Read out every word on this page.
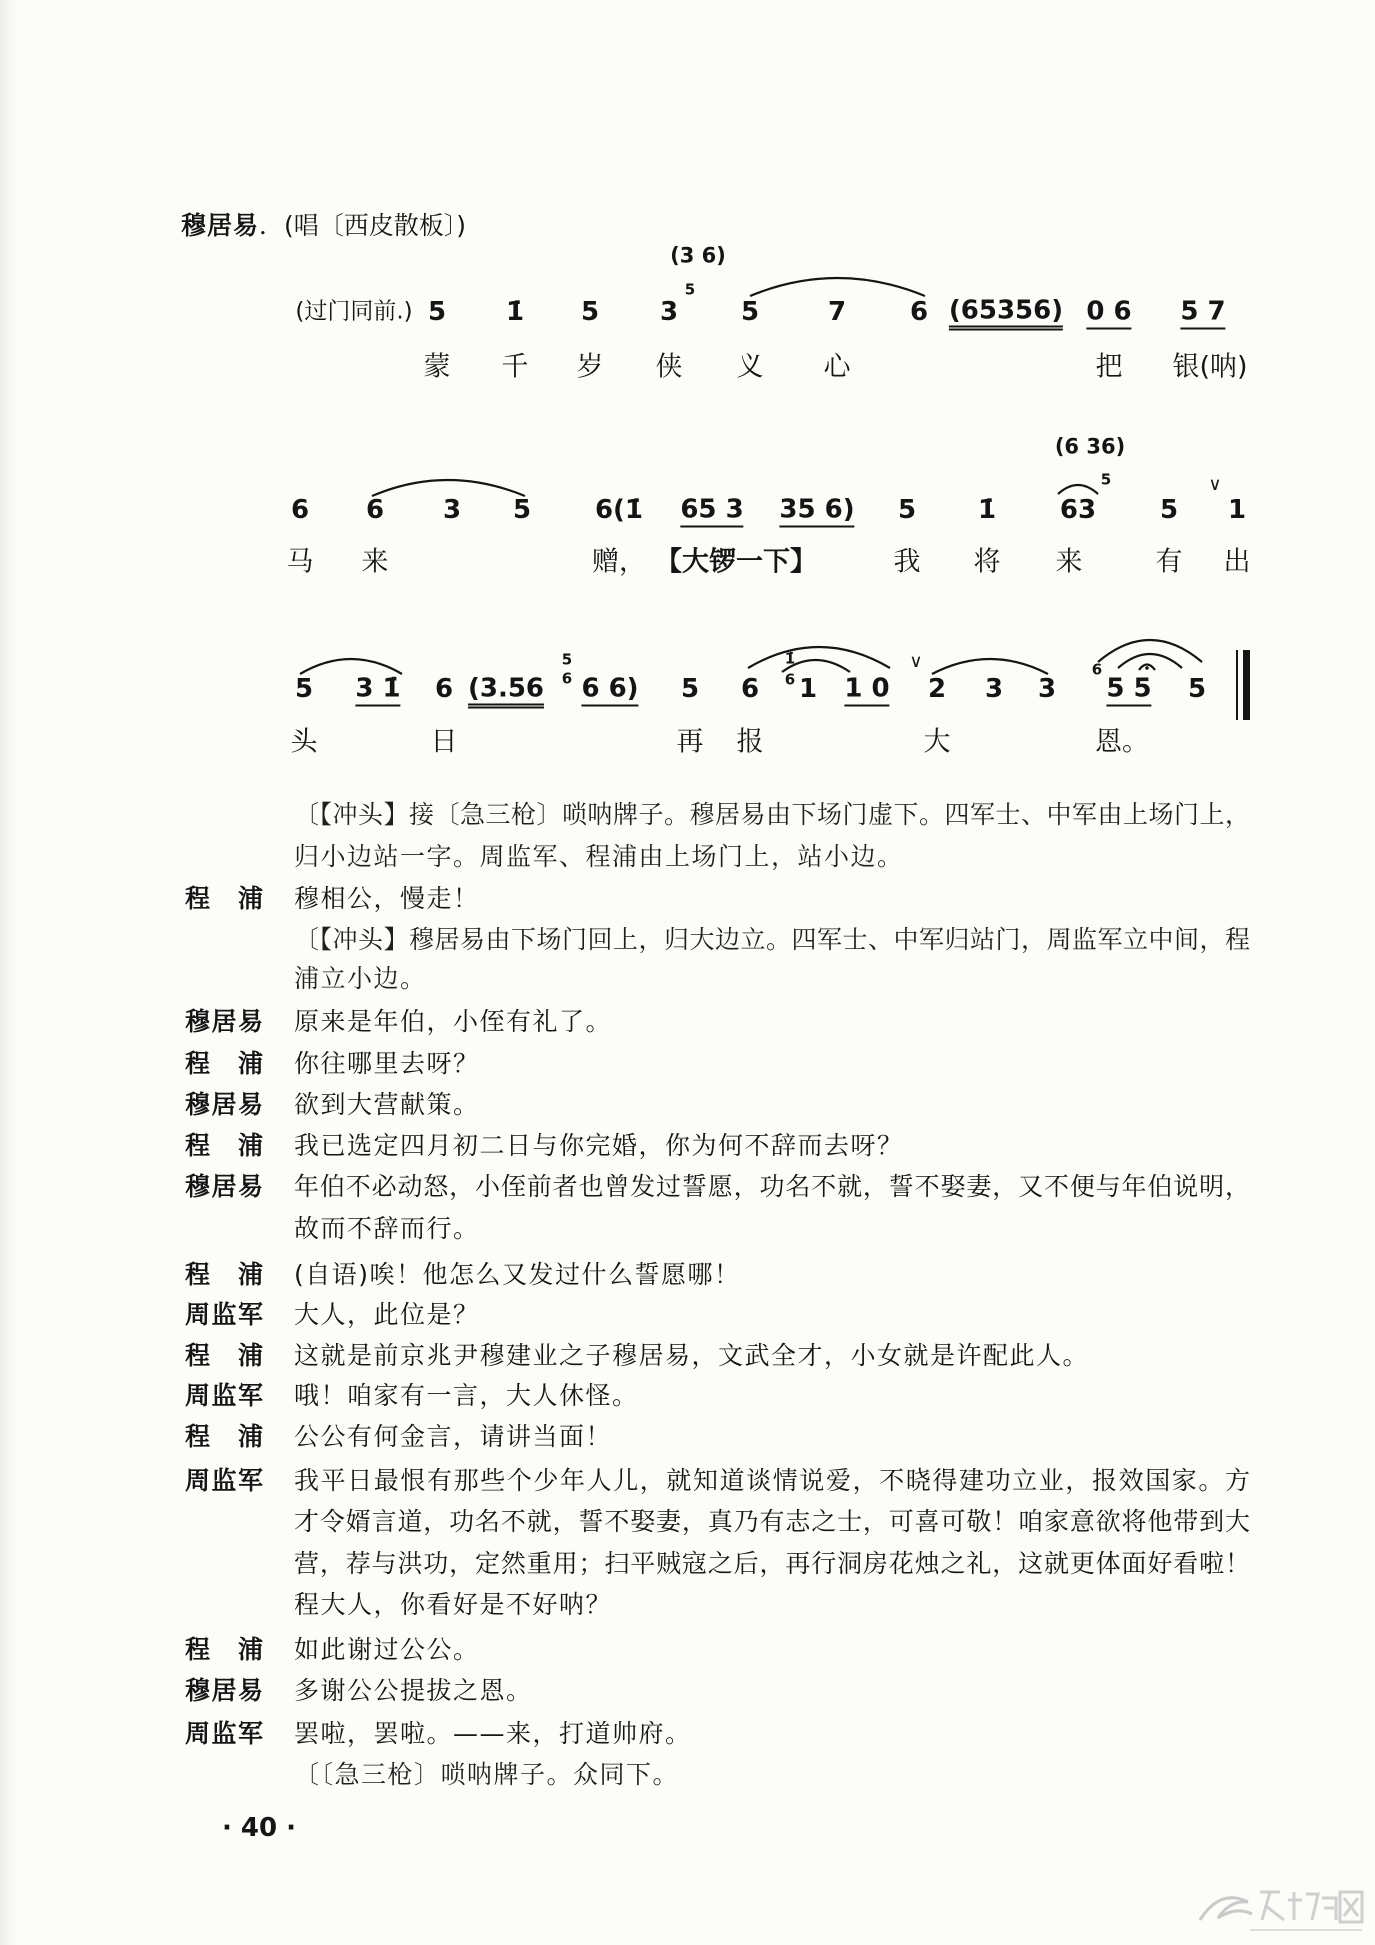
穆居易．(唱〔西皮散板〕)
(3 6)
(过门同前.) 5 1̇ 5 3
5
5	7 6 (65356) 0 6 5 7
蒙 千 岁 侠 义 心	把 银(呐)
(6 36)
6 6 3 5 6(1̇ 65 3 35 6) 5 1̇ 63
5
5
∨
1
马 来	赠， 【大锣一下】	我 将 来	有 出
5 3 1̇ 6 (3.56
5
6 6 6) 5 6
1̇
6 1 1 0
∨
2 3 3
6
5 5 5
头	日	再 报	大	恩。
〔【冲头】接〔急三枪〕唢呐牌子。穆居易由下场门虚下。四军士、中军由上场门上，
归小边站一字。周监军、程浦由上场门上，站小边。
程 浦 穆相公，慢走！
〔【冲头】穆居易由下场门回上，归大边立。四军士、中军归站门，周监军立中间，程
浦立小边。
穆居易 原来是年伯，小侄有礼了。
程 浦 你往哪里去呀？
穆居易 欲到大营献策。
程 浦 我已选定四月初二日与你完婚，你为何不辞而去呀？
穆居易 年伯不必动怒，小侄前者也曾发过誓愿，功名不就，誓不娶妻，又不便与年伯说明，
故而不辞而行。
程 浦 (自语)唉！他怎么又发过什么誓愿哪！
周监军 大人，此位是？
程 浦 这就是前京兆尹穆建业之子穆居易，文武全才，小女就是许配此人。
周监军 哦！咱家有一言，大人休怪。
程 浦 公公有何金言，请讲当面！
周监军 我平日最恨有那些个少年人儿，就知道谈情说爱，不晓得建功立业，报效国家。方
才令婿言道，功名不就，誓不娶妻，真乃有志之士，可喜可敬！咱家意欲将他带到大
营，荐与洪功，定然重用；扫平贼寇之后，再行洞房花烛之礼，这就更体面好看啦！
程大人，你看好是不好呐？
程 浦 如此谢过公公。
穆居易 多谢公公提拔之恩。
周监军 罢啦，罢啦。——来，打道帅府。
〔〔急三枪〕唢呐牌子。众同下。
· 40 ·
